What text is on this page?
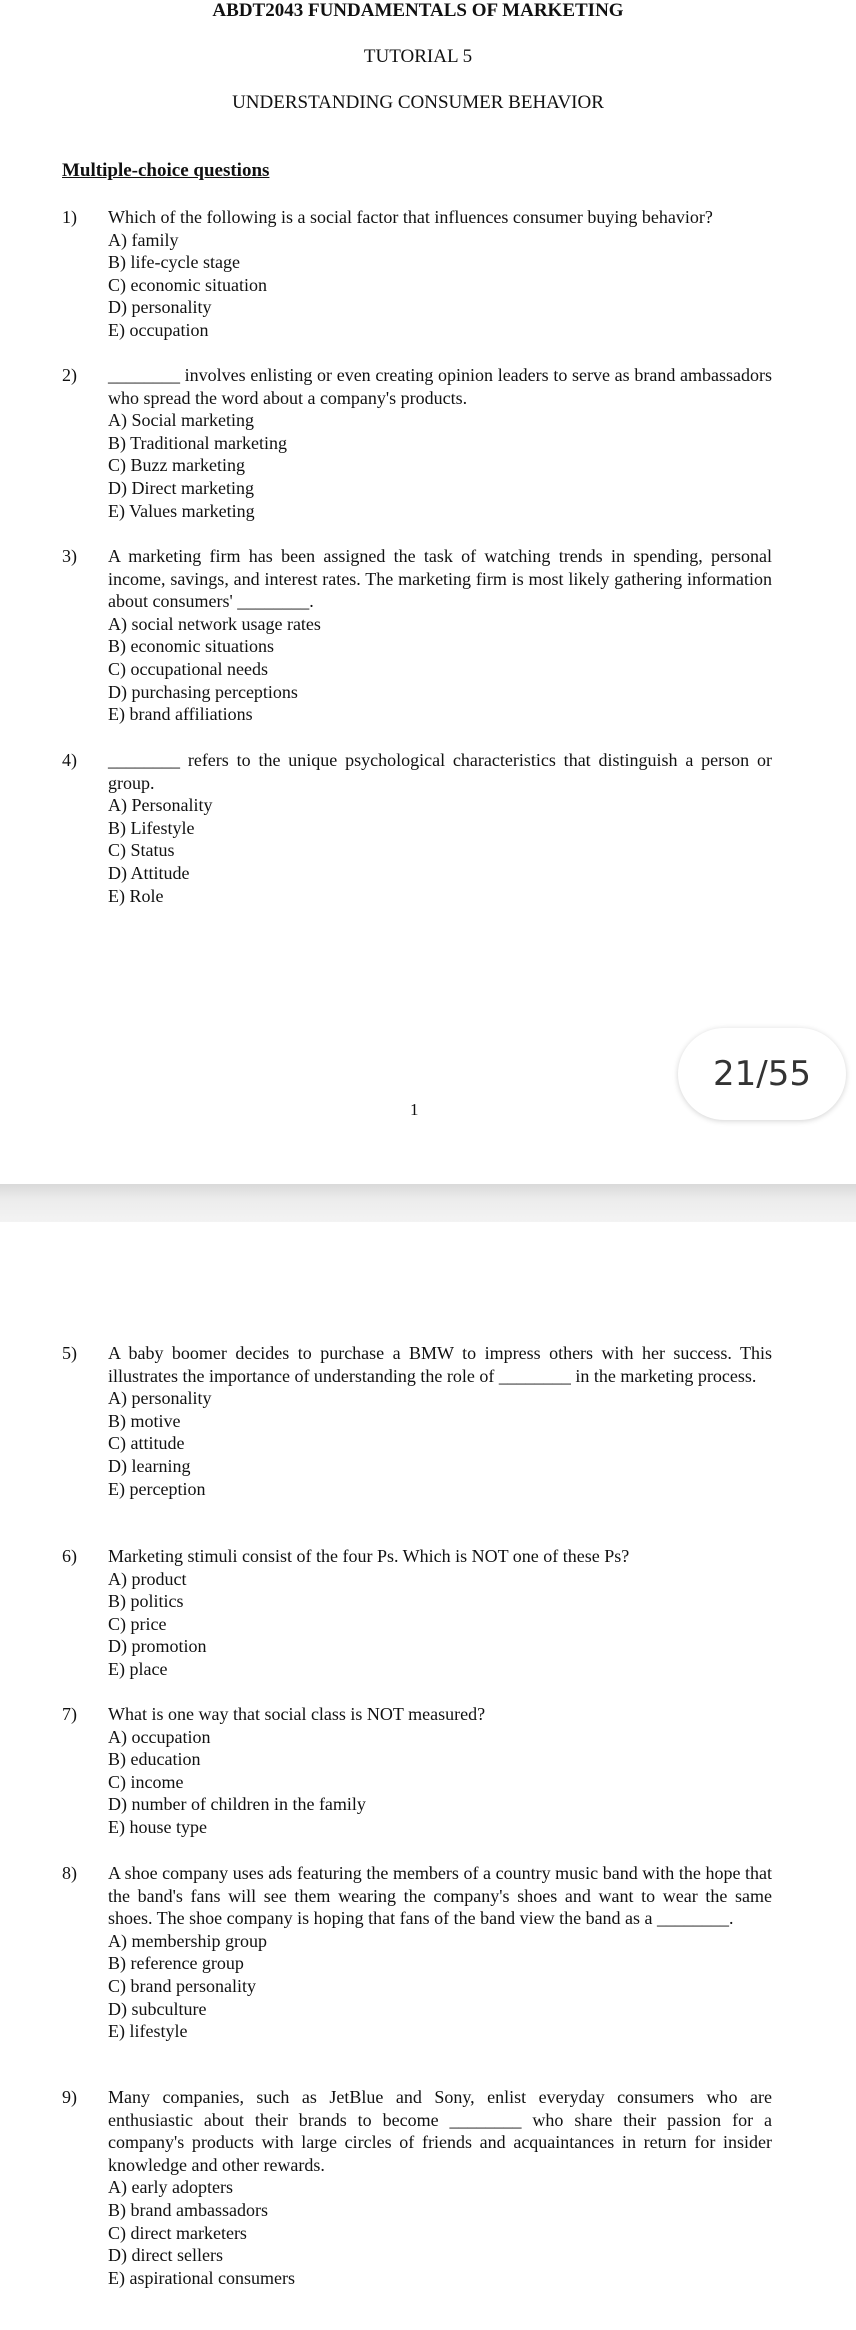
ABDT2043 FUNDAMENTALS OF MARKETING
TUTORIAL 5
UNDERSTANDING CONSUMER BEHAVIOR
Multiple-choice questions
1)	Which of the following is a social factor that influences consumer buying behavior?
A) family
B) life-cycle stage
C) economic situation
D) personality
E) occupation
2)	________ involves enlisting or even creating opinion leaders to serve as brand ambassadors who spread the word about a company's products.
A) Social marketing
B) Traditional marketing
C) Buzz marketing
D) Direct marketing
E) Values marketing
3)	A marketing firm has been assigned the task of watching trends in spending, personal income, savings, and interest rates. The marketing firm is most likely gathering information about consumers' ________.
A) social network usage rates
B) economic situations
C) occupational needs
D) purchasing perceptions
E) brand affiliations
4)	________ refers to the unique psychological characteristics that distinguish a person or group.
A) Personality
B) Lifestyle
C) Status
D) Attitude
E) Role
21/55
1
5)	A baby boomer decides to purchase a BMW to impress others with her success. This illustrates the importance of understanding the role of ________ in the marketing process.
A) personality
B) motive
C) attitude
D) learning
E) perception
6)	Marketing stimuli consist of the four Ps. Which is NOT one of these Ps?
A) product
B) politics
C) price
D) promotion
E) place
7)	What is one way that social class is NOT measured?
A) occupation
B) education
C) income
D) number of children in the family
E) house type
8)	A shoe company uses ads featuring the members of a country music band with the hope that the band's fans will see them wearing the company's shoes and want to wear the same shoes. The shoe company is hoping that fans of the band view the band as a ________.
A) membership group
B) reference group
C) brand personality
D) subculture
E) lifestyle
9)	Many companies, such as JetBlue and Sony, enlist everyday consumers who are enthusiastic about their brands to become ________ who share their passion for a company's products with large circles of friends and acquaintances in return for insider knowledge and other rewards.
A) early adopters
B) brand ambassadors
C) direct marketers
D) direct sellers
E) aspirational consumers
